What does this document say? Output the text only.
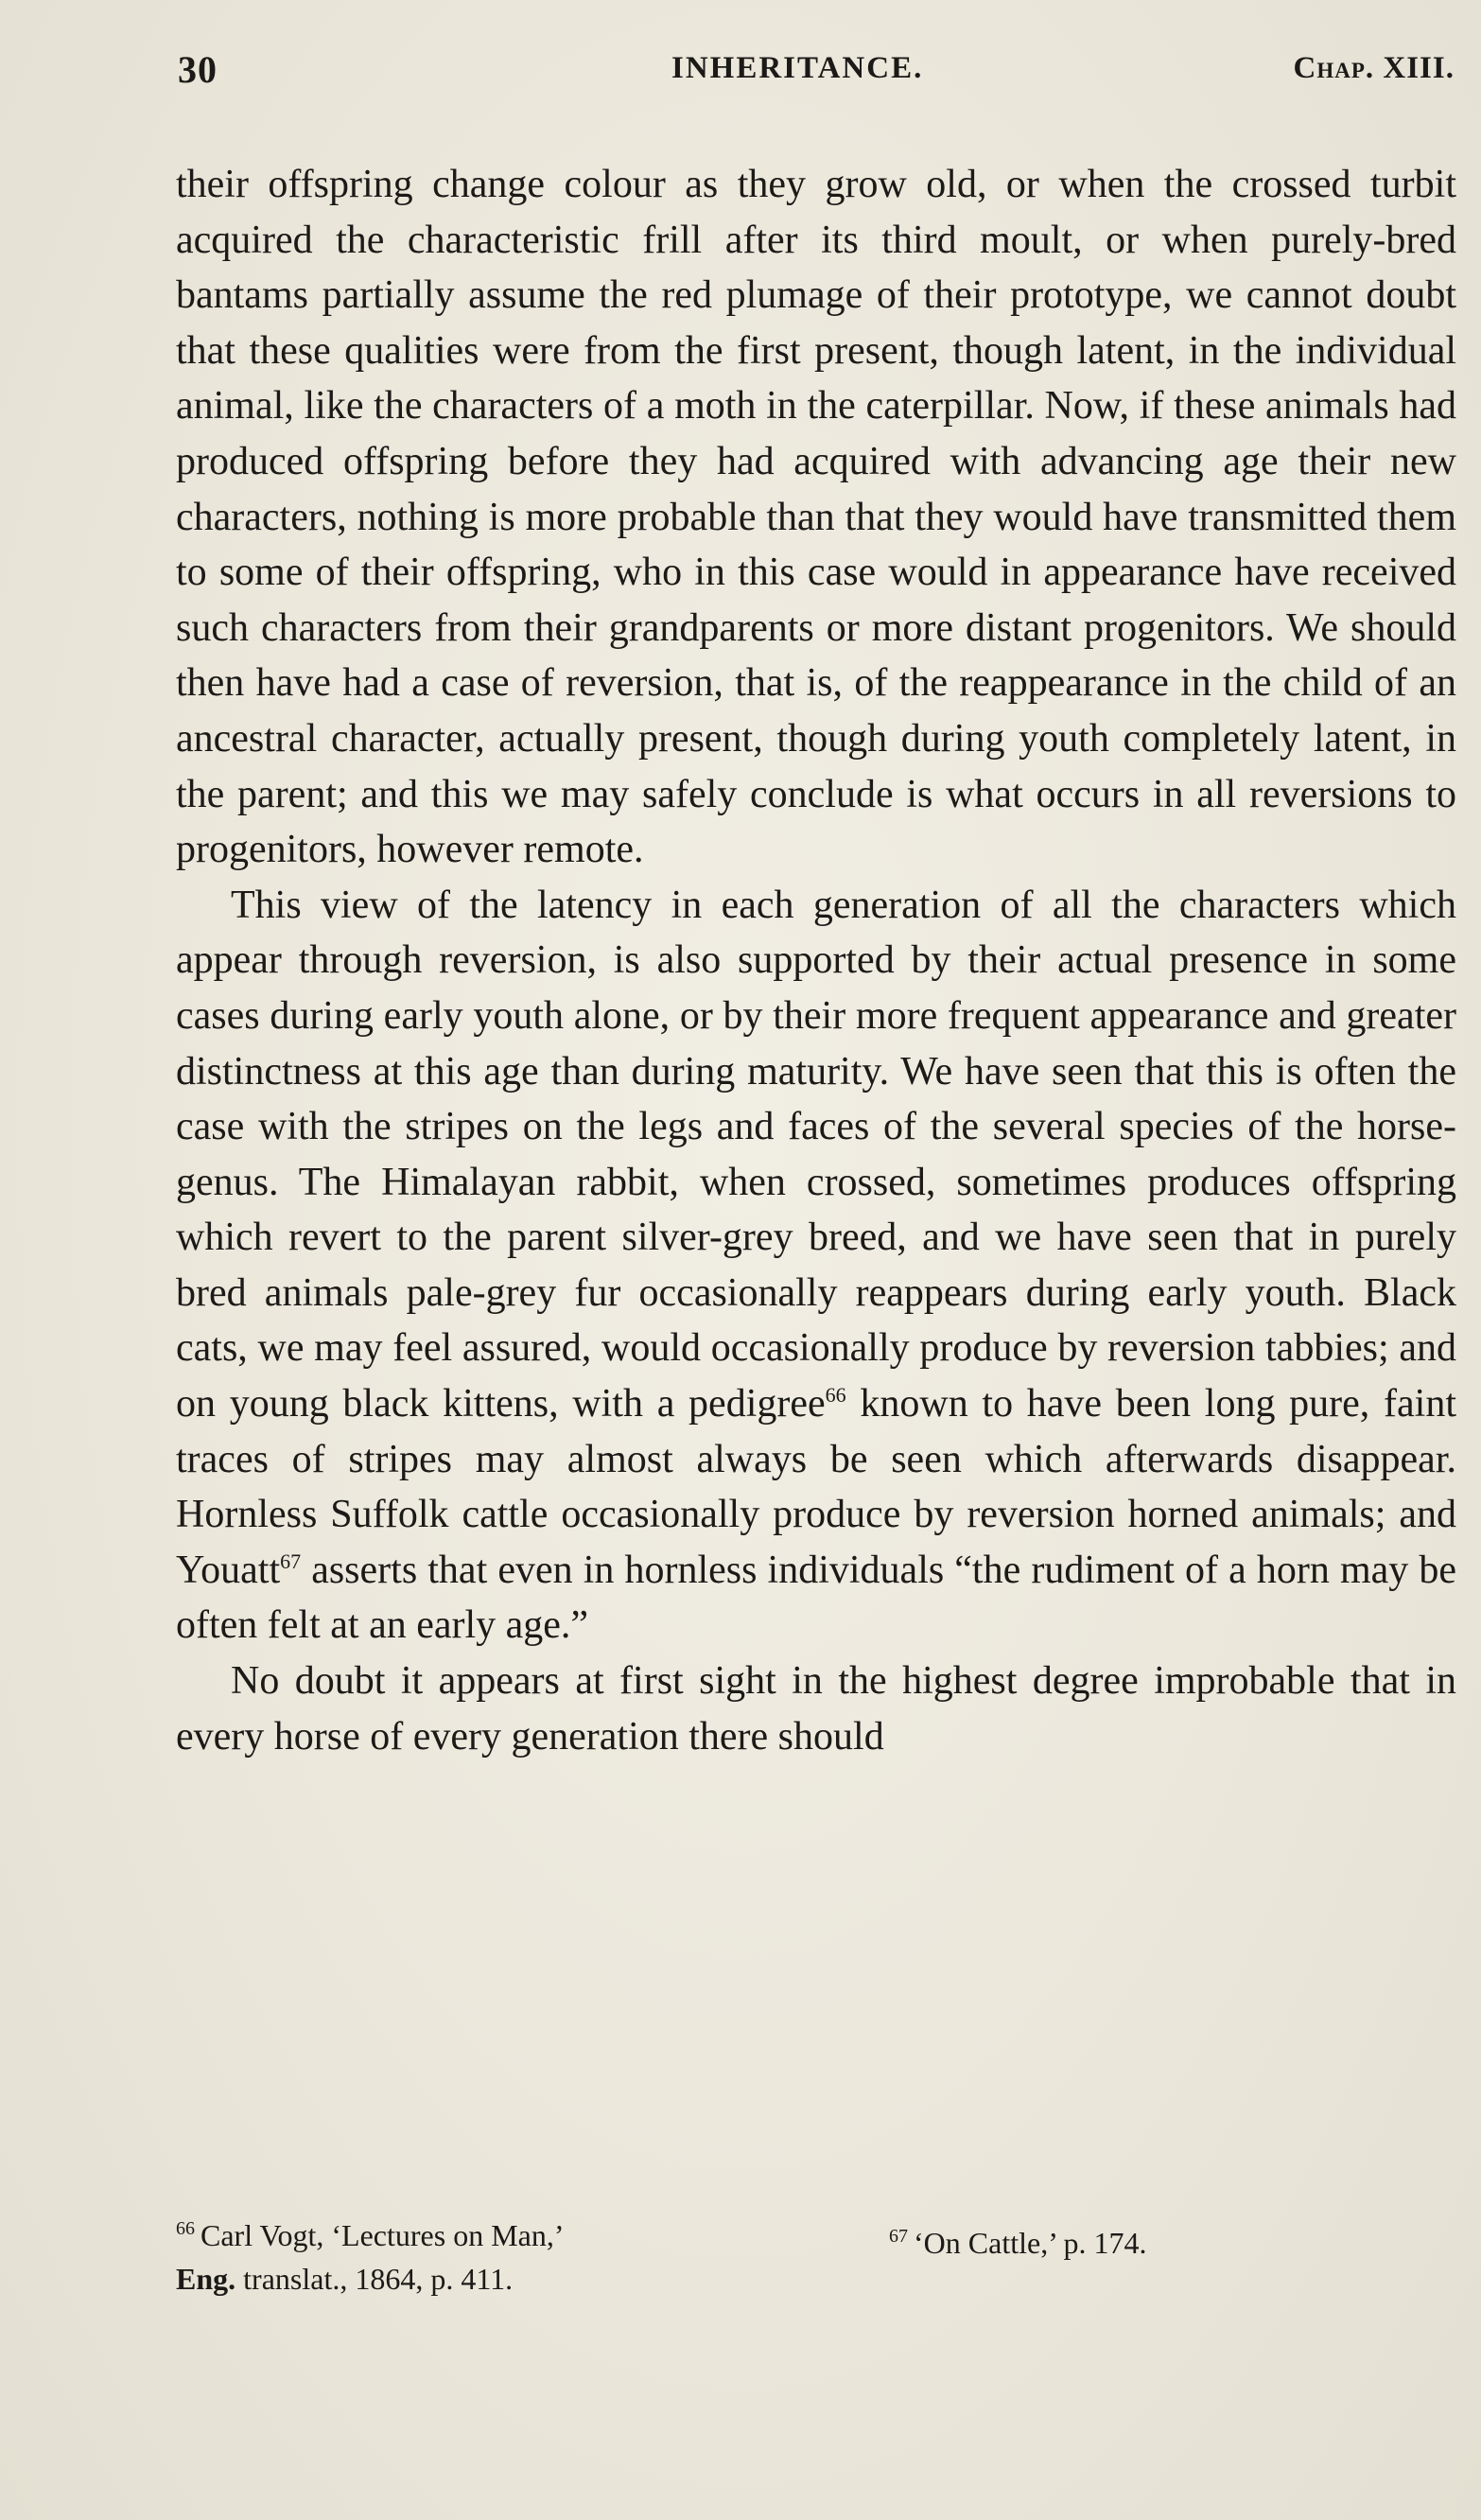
30	INHERITANCE.	Chap. XIII.

their offspring change colour as they grow old, or when the crossed turbit acquired the characteristic frill after its third moult, or when purely-bred bantams partially assume the red plumage of their prototype, we cannot doubt that these qualities were from the first present, though latent, in the individual animal, like the characters of a moth in the caterpillar. Now, if these animals had produced offspring before they had acquired with advancing age their new characters, nothing is more probable than that they would have transmitted them to some of their offspring, who in this case would in appearance have received such characters from their grandparents or more distant progenitors. We should then have had a case of reversion, that is, of the reappearance in the child of an ancestral character, actually present, though during youth completely latent, in the parent; and this we may safely conclude is what occurs in all reversions to progenitors, however remote.

This view of the latency in each generation of all the characters which appear through reversion, is also supported by their actual presence in some cases during early youth alone, or by their more frequent appearance and greater distinctness at this age than during maturity. We have seen that this is often the case with the stripes on the legs and faces of the several species of the horse-genus. The Himalayan rabbit, when crossed, sometimes produces offspring which revert to the parent silver-grey breed, and we have seen that in purely bred animals pale-grey fur occasionally reappears during early youth. Black cats, we may feel assured, would occasionally produce by reversion tabbies; and on young black kittens, with a pedigree$^{66}$ known to have been long pure, faint traces of stripes may almost always be seen which afterwards disappear. Hornless Suffolk cattle occasionally produce by reversion horned animals; and Youatt$^{67}$ asserts that even in hornless individuals “the rudiment of a horn may be often felt at an early age.”

No doubt it appears at first sight in the highest degree improbable that in every horse of every generation there should

$^{66}$ Carl Vogt, ‘Lectures on Man,’
Eng. translat., 1864, p. 411.
$^{67}$ ‘On Cattle,’ p. 174.
